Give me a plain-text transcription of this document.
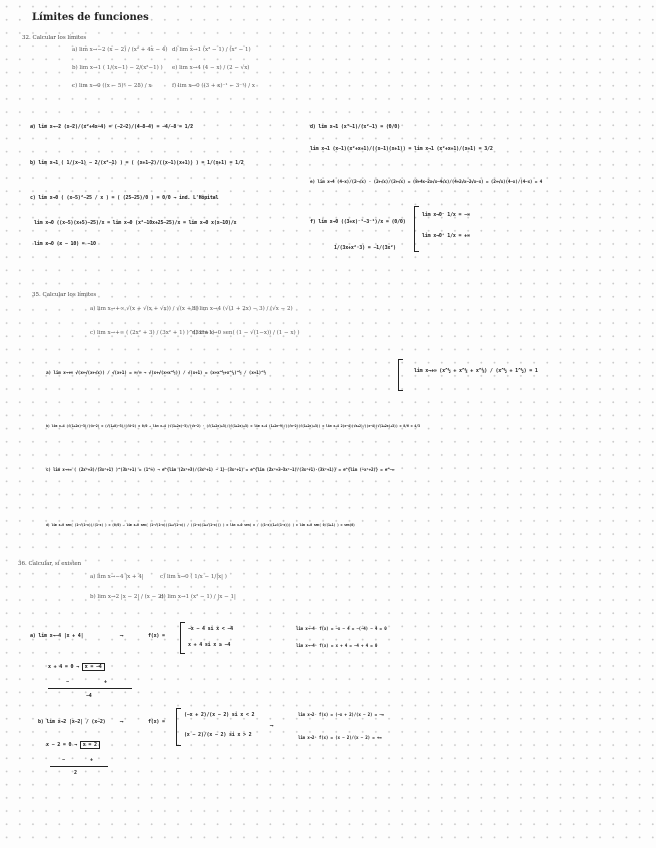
Límites de funciones
32. Calcular los límites
a) lim x→−2 (x − 2) / (x² + 4x − 4)
b) lim x→1 ( 1/(x−1) − 2/(x²−1) )
c) lim x→0 ((x − 5)² − 25) / x
d) lim x→1 (x³ − 1) / (x² − 1)
e) lim x→4 (4 − x) / (2 − √x)
f) lim x→0 ((3 + x)⁻¹ − 3⁻¹) / x
a) lim x→−2 (x−2)/(x²+4x−4) = (−2−2)/(4−8−4) = −4/−8 = 1/2
b) lim x→1 ( 1/(x−1) − 2/(x²−1) ) = ( (x+1−2)/((x−1)(x+1)) ) = 1/(x+1) = 1/2
c) lim x→0 ( (x−5)²−25 / x ) = ( (25−25)/0 ) = 0/0 → ind. L'Hôpital
lim x→0 ((x−5)(x+5)−25)/x = lim x→0 (x²−10x+25−25)/x = lim x→0 x(x−10)/x
lim x→0 (x − 10) = −10
d) lim x→1 (x³−1)/(x²−1) = (0/0)
lim x→1 (x−1)(x²+x+1)/((x−1)(x+1)) = lim x→1 (x²+x+1)/(x+1) = 3/2
e) lim x→4 (4−x)/(2−√x) · (2+√x)/(2+√x) = (8+4x−2x√x−4√x)/(4+2√x−2√x−x) = (2+√x)(4−x)/(4−x) = 4
f) lim x→0 ((3+x)⁻¹−3⁻¹)/x = (0/0)
lim x→0⁻ 1/x = −∞
lim x→0⁺ 1/x = +∞
1/(3x+x²·3) = −1/(3x²)
35. Calcular los límites
a) lim x→+∞ √(x + √(x + √x)) / √(x + 1)
b) lim x→4 (√(1 + 2x) − 3) / (√x − 2)
c) lim x→+∞ ( (2x² + 3) / (3x² + 1) )^(3x²+1)
d) lim x→0 sen( (1 − √(1−x)) / (1 − x) )
a) lim x→+∞ √(x+√(x+√x)) / √(x+1) = ∞/∞ → √(x+√(x+x^½)) / √(x+1) = (x+x^½+x^¼)^½ / (x+1)^½	lim x→+∞ (x^½ + x^¼ + x^⅛) / (x^½ + 1^½) = 1
b) lim x→4 (√(1+2x)−3)/(√x−2) = (√(1+8)−3)/(√4−2) = 0/0 → lim x→4 (√(1+2x)−3)/(√x−2) · (√(1+2x)+3)/(√(1+2x)+3) = lim x→4 (1+2x−9)/((√x−2)(√(1+2x)+3)) = lim x→4 2(x−4)(√x+2)/((x−4)(√(1+2x)+3)) = 8/6 = 4/3
c) lim x→+∞ ( (2x²+3)/(3x²+1) )^(3x²+1) = (1^∞) → e^{lim (2x²+3)/(3x²+1) − 1}·(3x²+1) = e^{lim (2x²+3−3x²−1)/(3x²+1)·(3x²+1)} = e^{lim (−x²+2)} = e^−∞
d) lim x→0 sen( (1−√(1−x))/(1−x) ) = (0/0) → lim x→0 sen( (1−√(1−x))(1+√(1−x)) / ((1−x)(1+√(1−x))) ) = lim x→0 sen( x / ((1−x)(1+√(1−x))) ) = lim x→0 sen( 0/(1+1) ) = sen(0)
36. Calcular, si existen
a) lim x→−4 |x + 4|
b) lim x→2 |x − 2| / (x − 2)
c) lim x→0 ( 1/x − 1/|x| )
d) lim x→1 (x² − 1) / |x − 1|
a) lim x→−4 |x + 4|	⟶	f(x) =
−x − 4 si x < −4
x + 4 si x ≥ −4
lim x→−4⁻ f(x) = −x − 4 = −(−4) − 4 = 0
lim x→−4⁺ f(x) = x + 4 = −4 + 4 = 0
x + 4 = 0 → x = −4
−	+
−4
b) lim x→2 |x−2| / (x−2)	⟶	f(x) =
(−x + 2)/(x − 2) si x < 2
(x − 2)/(x − 2) si x > 2
⟶
lim x→2⁻ f(x) = (−x + 2)/(x − 2) = −∞
lim x→2⁺ f(x) = (x − 2)/(x − 2) = +∞
x − 2 = 0 → x = 2
−	+
2
